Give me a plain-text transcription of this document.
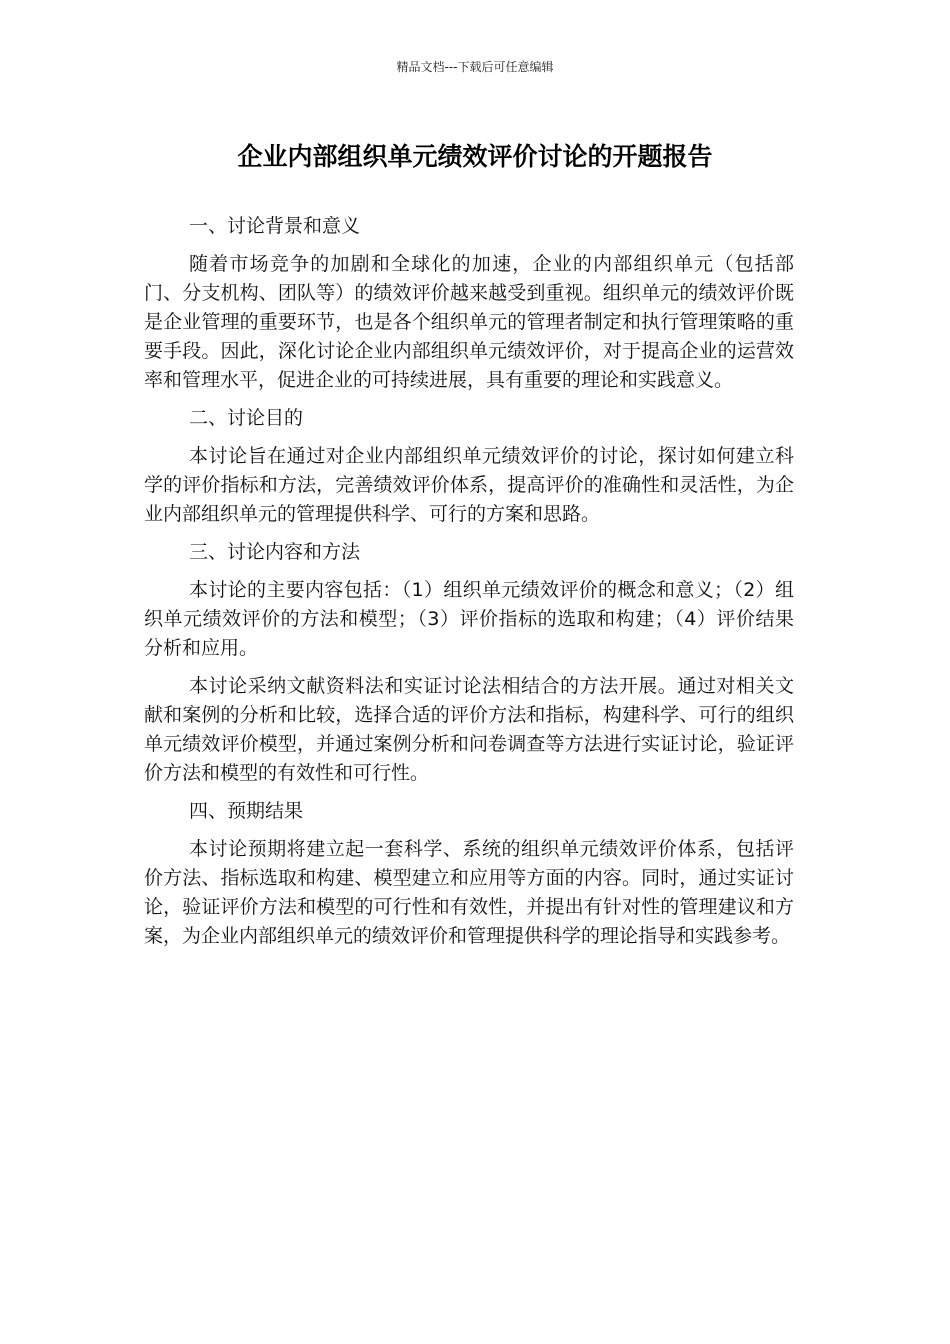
精品文档---下载后可任意编辑
企业内部组织单元绩效评价讨论的开题报告

一、讨论背景和意义

随着市场竞争的加剧和全球化的加速，企业的内部组织单元（包括部门、分支机构、团队等）的绩效评价越来越受到重视。组织单元的绩效评价既是企业管理的重要环节，也是各个组织单元的管理者制定和执行管理策略的重要手段。因此，深化讨论企业内部组织单元绩效评价，对于提高企业的运营效率和管理水平，促进企业的可持续进展，具有重要的理论和实践意义。

二、讨论目的

本讨论旨在通过对企业内部组织单元绩效评价的讨论，探讨如何建立科学的评价指标和方法，完善绩效评价体系，提高评价的准确性和灵活性，为企业内部组织单元的管理提供科学、可行的方案和思路。

三、讨论内容和方法

本讨论的主要内容包括：（1）组织单元绩效评价的概念和意义；（2）组织单元绩效评价的方法和模型；（3）评价指标的选取和构建；（4）评价结果分析和应用。

本讨论采纳文献资料法和实证讨论法相结合的方法开展。通过对相关文献和案例的分析和比较，选择合适的评价方法和指标，构建科学、可行的组织单元绩效评价模型，并通过案例分析和问卷调查等方法进行实证讨论，验证评价方法和模型的有效性和可行性。

四、预期结果

本讨论预期将建立起一套科学、系统的组织单元绩效评价体系，包括评价方法、指标选取和构建、模型建立和应用等方面的内容。同时，通过实证讨论，验证评价方法和模型的可行性和有效性，并提出有针对性的管理建议和方案，为企业内部组织单元的绩效评价和管理提供科学的理论指导和实践参考。
